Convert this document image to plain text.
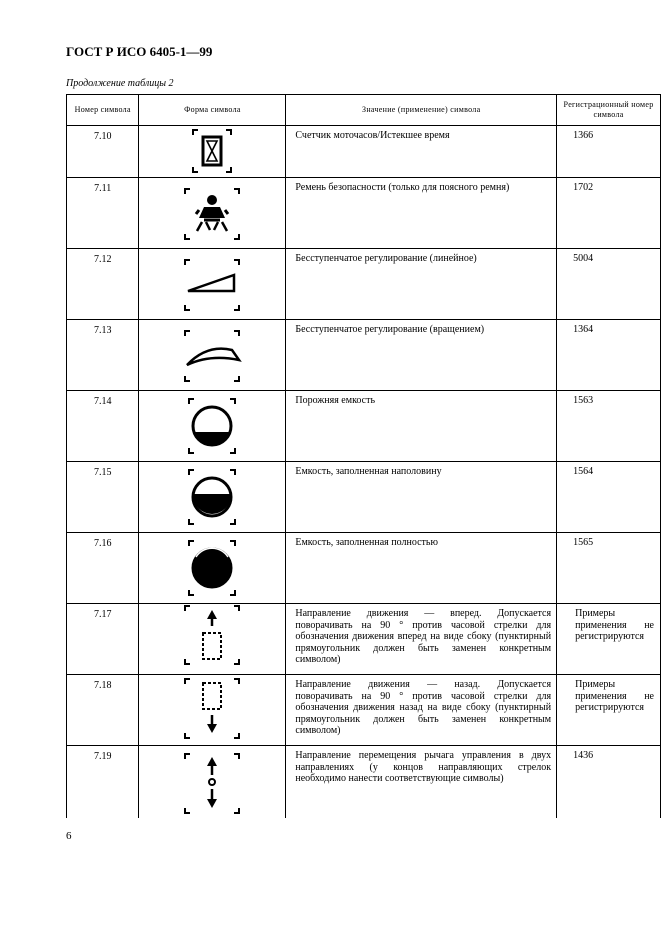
ГОСТ Р ИСО 6405-1—99
Продолжение таблицы 2
Номер символа	Форма символа	Значение (применение) символа	Регистрационный номер символа
7.10		Счетчик моточасов/Истекшее время	1366
7.11		Ремень безопасности (только для поясного ремня)	1702
7.12		Бесступенчатое регулирование (линейное)	5004
7.13		Бесступенчатое регулирование (вращением)	1364
7.14		Порожняя емкость	1563
7.15		Емкость, заполненная наполовину	1564
7.16		Емкость, заполненная полностью	1565
7.17		Направление движения — вперед. Допускается поворачивать на 90 ° против часовой стрелки для обозначения движения вперед на виде сбоку (пунктирный прямоугольник должен быть заменен конкретным символом)	Примеры применения не регистрируются
7.18		Направление движения — назад. Допускается поворачивать на 90 ° против часовой стрелки для обозначения движения назад на виде сбоку (пунктирный прямоугольник должен быть заменен конкретным символом)	Примеры применения не регистрируются
7.19		Направление перемещения рычага управления в двух направлениях (у концов направляющих стрелок необходимо нанести соответствующие символы)	1436
6
